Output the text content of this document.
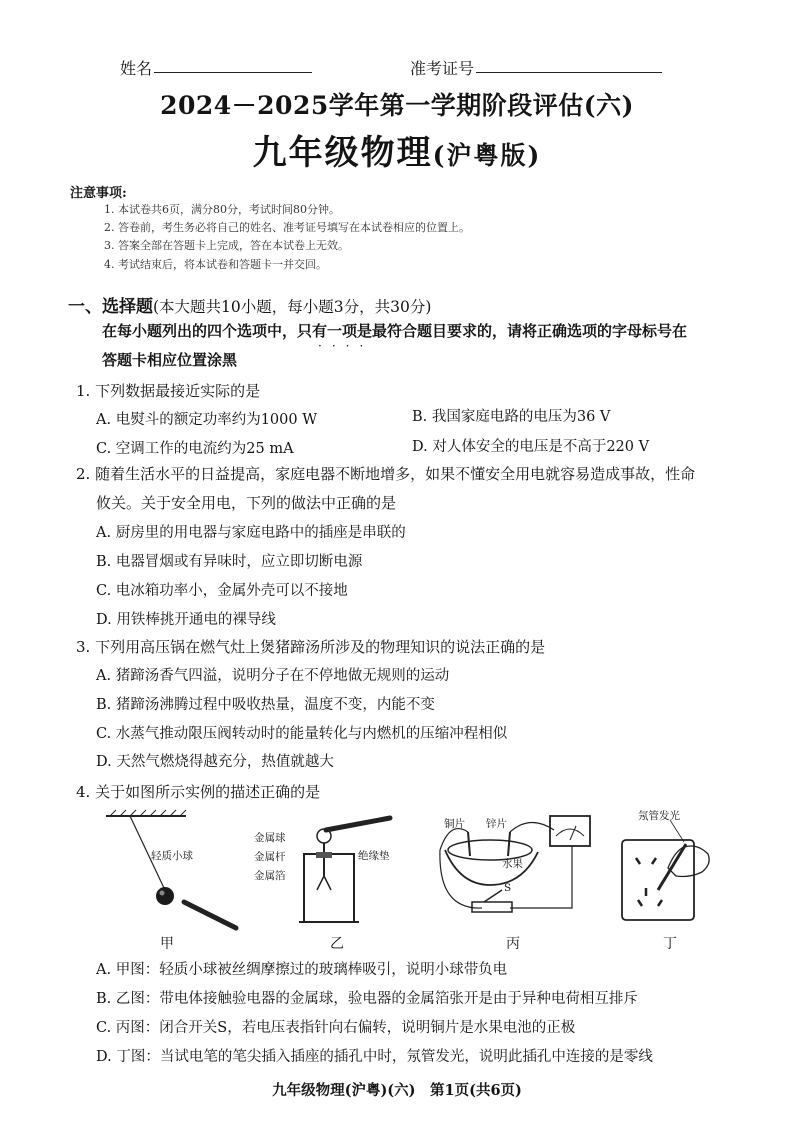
姓名	准考证号
2024－2025学年第一学期阶段评估(六)
九年级物理(沪粤版)
注意事项:
1. 本试卷共6页，满分80分，考试时间80分钟。
2. 答卷前，考生务必将自己的姓名、准考证号填写在本试卷相应的位置上。
3. 答案全部在答题卡上完成，答在本试卷上无效。
4. 考试结束后，将本试卷和答题卡一并交回。
一、选择题(本大题共10小题，每小题3分，共30分)
在每小题列出的四个选项中，只有一项是最符合题目要求的，请将正确选项的字母标号在
答题卡相应位置涂黑
····
1. 下列数据最接近实际的是
A. 电熨斗的额定功率约为1000 W	B. 我国家庭电路的电压为36 V
C. 空调工作的电流约为25 mA	D. 对人体安全的电压是不高于220 V
2. 随着生活水平的日益提高，家庭电器不断地增多，如果不懂安全用电就容易造成事故，性命
攸关。关于安全用电，下列的做法中正确的是
A. 厨房里的用电器与家庭电路中的插座是串联的
B. 电器冒烟或有异味时，应立即切断电源
C. 电冰箱功率小，金属外壳可以不接地
D. 用铁棒挑开通电的裸导线
3. 下列用高压锅在燃气灶上煲猪蹄汤所涉及的物理知识的说法正确的是
A. 猪蹄汤香气四溢，说明分子在不停地做无规则的运动
B. 猪蹄汤沸腾过程中吸收热量，温度不变，内能不变
C. 水蒸气推动限压阀转动时的能量转化与内燃机的压缩冲程相似
D. 天然气燃烧得越充分，热值就越大
4. 关于如图所示实例的描述正确的是
轻质小球
甲
金属球
金属杆
金属箔
绝缘垫
乙
铜片 锌片
水果
S
丙
氖管发光
丁
A. 甲图：轻质小球被丝绸摩擦过的玻璃棒吸引，说明小球带负电
B. 乙图：带电体接触验电器的金属球，验电器的金属箔张开是由于异种电荷相互排斥
C. 丙图：闭合开关S，若电压表指针向右偏转，说明铜片是水果电池的正极
D. 丁图：当试电笔的笔尖插入插座的插孔中时，氖管发光，说明此插孔中连接的是零线
九年级物理(沪粤)(六)　第1页(共6页)
